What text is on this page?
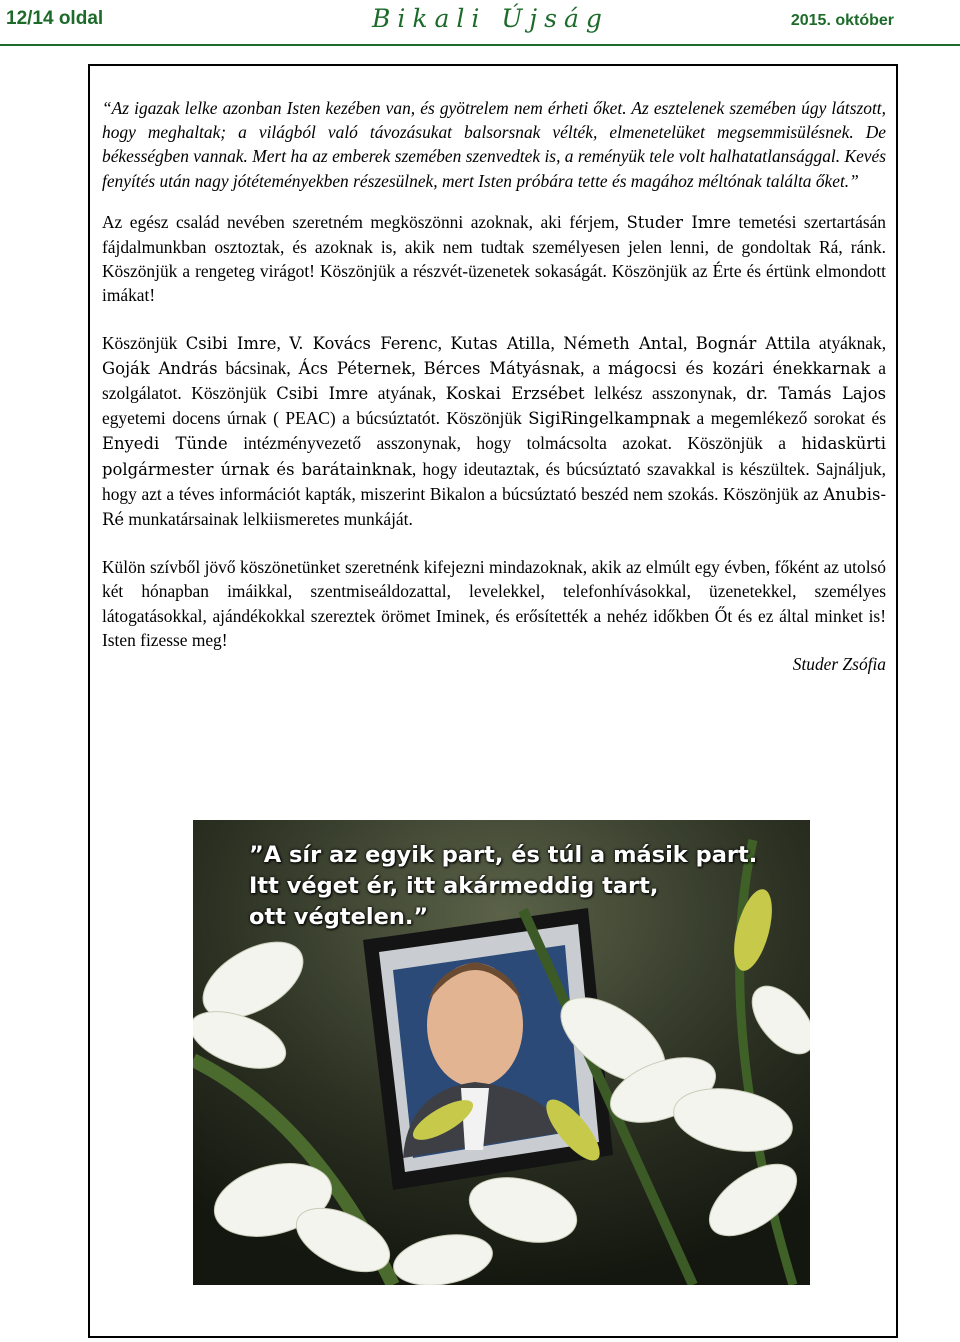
12/14 oldal	Bikali Újság	2015. október

“Az igazak lelke azonban Isten kezében van, és gyötrelem nem érheti őket. Az esztelenek szemében úgy látszott, hogy meghaltak; a világból való távozásukat balsorsnak vélték, elmenetelüket megsemmisülésnek. De békességben vannak. Mert ha az emberek szemében szenvedtek is, a reményük tele volt halhatatlansággal. Kevés fenyítés után nagy jótéteményekben részesülnek, mert Isten próbára tette és magához méltónak találta őket.”

Az egész család nevében szeretném megköszönni azoknak, aki férjem, Studer Imre temetési szertartásán fájdalmunkban osztoztak, és azoknak is, akik nem tudtak személyesen jelen lenni, de gondoltak Rá, ránk. Köszönjük a rengeteg virágot! Köszönjük a részvét-üzenetek sokaságát. Köszönjük az Érte és értünk elmondott imákat!

Köszönjük Csibi Imre, V. Kovács Ferenc, Kutas Atilla, Németh Antal, Bognár Attila atyáknak, Goják András bácsinak, Ács Péternek, Bérces Mátyásnak, a mágocsi és kozári énekkarnak a szolgálatot. Köszönjük Csibi Imre atyának, Koskai Erzsébet lelkész asszonynak, dr. Tamás Lajos egyetemi docens úrnak ( PEAC) a búcsúztatót. Köszönjük SigiRingelkampnak a megemlékező sorokat és Enyedi Tünde intézményvezető asszonynak, hogy tolmácsolta azokat. Köszönjük a hidaskürti polgármester úrnak és barátainknak, hogy ideutaztak, és búcsúztató szavakkal is készültek. Sajnáljuk, hogy azt a téves információt kapták, miszerint Bikalon a búcsúztató beszéd nem szokás. Köszönjük az Anubis-Ré munkatársainak lelkiismeretes munkáját.

Külön szívből jövő köszönetünket szeretnénk kifejezni mindazoknak, akik az elmúlt egy évben, főként az utolsó két hónapban imáikkal, szentmiseáldozattal, levelekkel, telefonhívásokkal, üzenetekkel, személyes látogatásokkal, ajándékokkal szereztek örömet Iminek, és erősítették a nehéz időkben Őt és ez által minket is! Isten fizesse meg!

Studer Zsófia

”A sír az egyik part, és túl a másik part.
Itt véget ér, itt akármeddig tart,
ott végtelen.”
